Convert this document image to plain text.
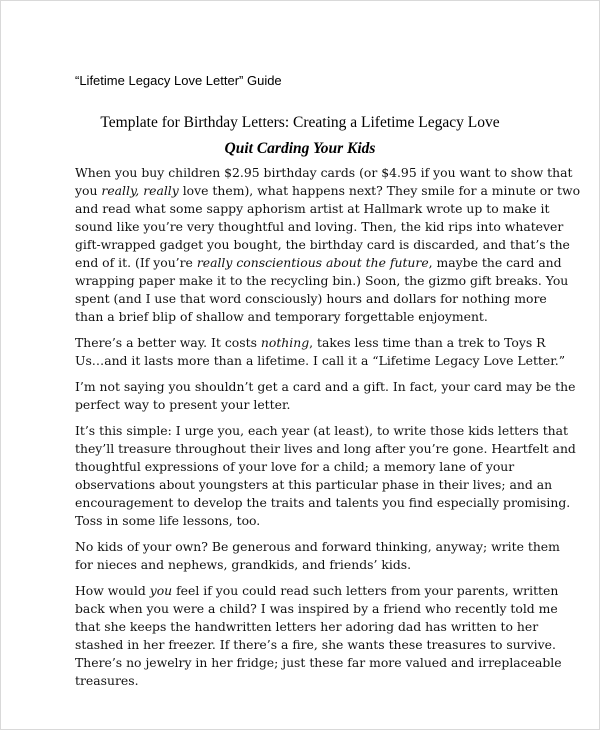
“Lifetime Legacy Love Letter” Guide
Template for Birthday Letters: Creating a Lifetime Legacy Love
Quit Carding Your Kids
When you buy children $2.95 birthday cards (or $4.95 if you want to show that
you really, really love them), what happens next? They smile for a minute or two
and read what some sappy aphorism artist at Hallmark wrote up to make it
sound like you’re very thoughtful and loving. Then, the kid rips into whatever
gift-wrapped gadget you bought, the birthday card is discarded, and that’s the
end of it. (If you’re really conscientious about the future, maybe the card and
wrapping paper make it to the recycling bin.) Soon, the gizmo gift breaks. You
spent (and I use that word consciously) hours and dollars for nothing more
than a brief blip of shallow and temporary forgettable enjoyment.
There’s a better way. It costs nothing, takes less time than a trek to Toys R
Us…and it lasts more than a lifetime. I call it a “Lifetime Legacy Love Letter.”
I’m not saying you shouldn’t get a card and a gift. In fact, your card may be the
perfect way to present your letter.
It’s this simple: I urge you, each year (at least), to write those kids letters that
they’ll treasure throughout their lives and long after you’re gone. Heartfelt and
thoughtful expressions of your love for a child; a memory lane of your
observations about youngsters at this particular phase in their lives; and an
encouragement to develop the traits and talents you find especially promising.
Toss in some life lessons, too.
No kids of your own? Be generous and forward thinking, anyway; write them
for nieces and nephews, grandkids, and friends’ kids.
How would you feel if you could read such letters from your parents, written
back when you were a child? I was inspired by a friend who recently told me
that she keeps the handwritten letters her adoring dad has written to her
stashed in her freezer. If there’s a fire, she wants these treasures to survive.
There’s no jewelry in her fridge; just these far more valued and irreplaceable
treasures.
